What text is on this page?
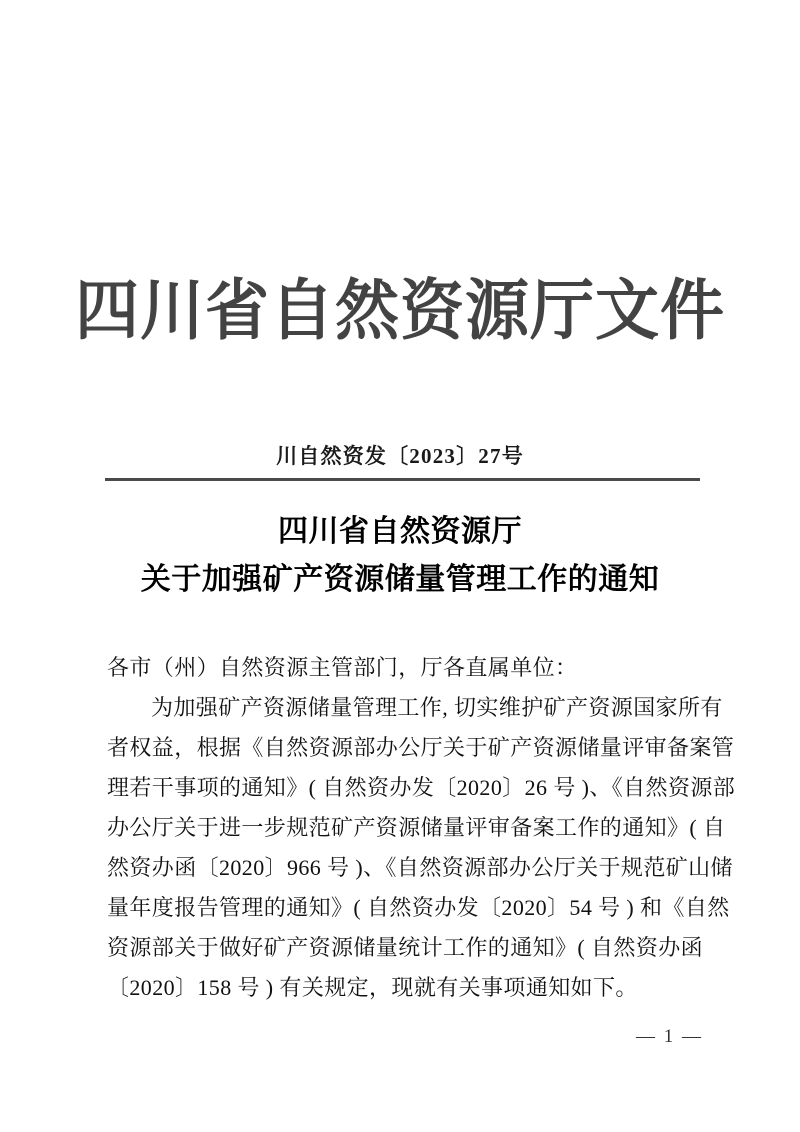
四川省自然资源厅文件
川自然资发〔2023〕27号
四川省自然资源厅
关于加强矿产资源储量管理工作的通知
各市（州）自然资源主管部门，厅各直属单位：
为加强矿产资源储量管理工作, 切实维护矿产资源国家所有
者权益，根据《自然资源部办公厅关于矿产资源储量评审备案管
理若干事项的通知》( 自然资办发〔2020〕26 号 )、《自然资源部
办公厅关于进一步规范矿产资源储量评审备案工作的通知》( 自
然资办函〔2020〕966 号 )、《自然资源部办公厅关于规范矿山储
量年度报告管理的通知》( 自然资办发〔2020〕54 号 ) 和《自然
资源部关于做好矿产资源储量统计工作的通知》( 自然资办函
〔2020〕158 号 ) 有关规定，现就有关事项通知如下。
— 1 —
